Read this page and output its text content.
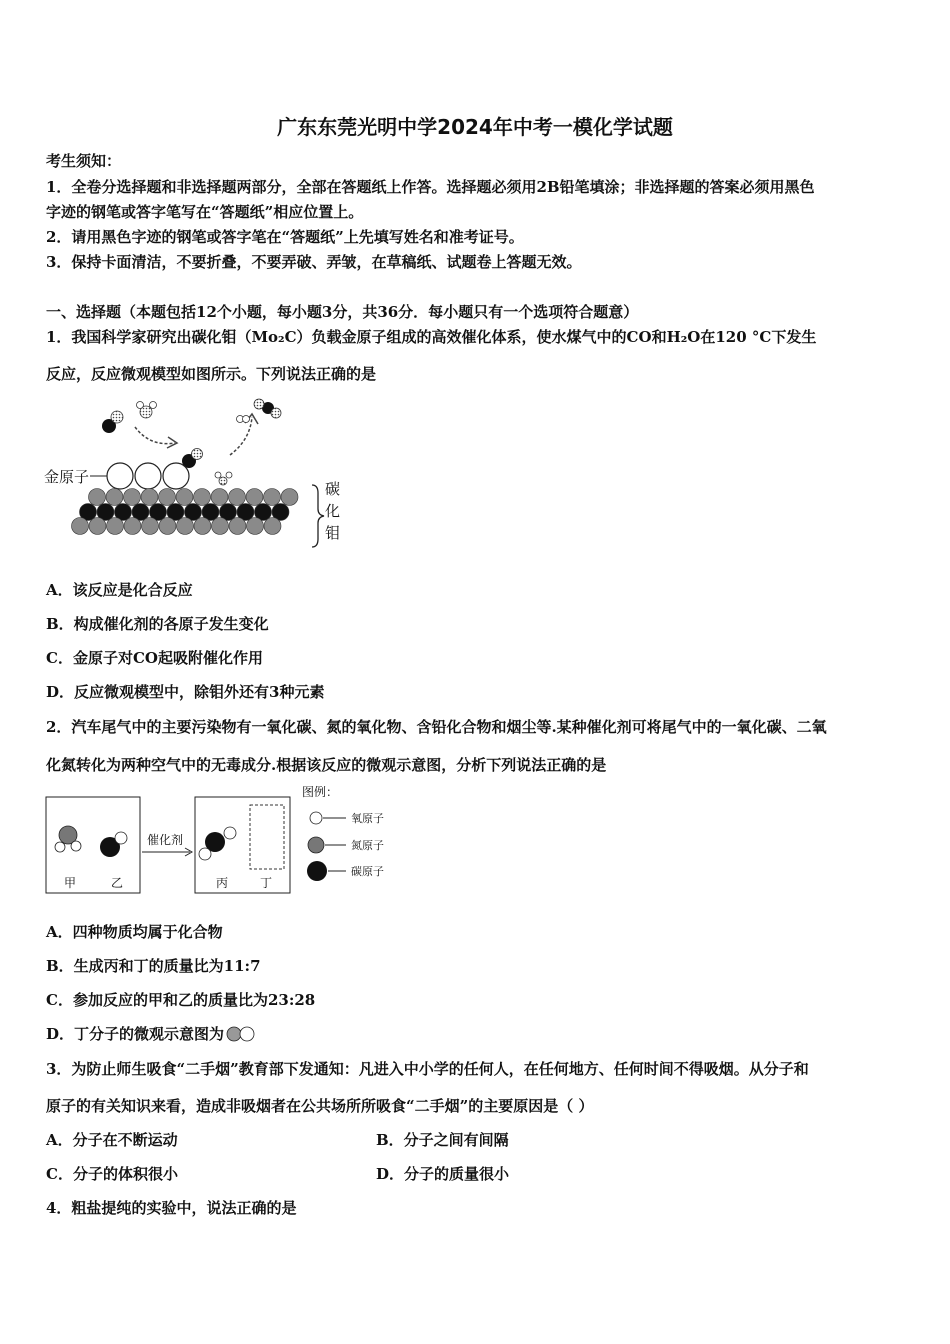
广东东莞光明中学2024年中考一模化学试题
考生须知：
1．全卷分选择题和非选择题两部分，全部在答题纸上作答。选择题必须用2B铅笔填涂；非选择题的答案必须用黑色
字迹的钢笔或答字笔写在“答题纸”相应位置上。
2．请用黑色字迹的钢笔或答字笔在“答题纸”上先填写姓名和准考证号。
3．保持卡面清洁，不要折叠，不要弄破、弄皱，在草稿纸、试题卷上答题无效。
一、选择题（本题包括12个小题，每小题3分，共36分．每小题只有一个选项符合题意）
1．我国科学家研究出碳化钼（Mo₂C）负载金原子组成的高效催化体系，使水煤气中的CO和H₂O在120 °C下发生
反应，反应微观模型如图所示。下列说法正确的是
金原子
碳
化
钼
A．该反应是化合反应
B．构成催化剂的各原子发生变化
C．金原子对CO起吸附催化作用
D．反应微观模型中，除钼外还有3种元素
2．汽车尾气中的主要污染物有一氧化碳、氮的氧化物、含铅化合物和烟尘等.某种催化剂可将尾气中的一氧化碳、二氧
化氮转化为两种空气中的无毒成分.根据该反应的微观示意图，分析下列说法正确的是
甲	乙
催化剂
丙	丁
图例：
氧原子
氮原子
碳原子
A．四种物质均属于化合物
B．生成丙和丁的质量比为11:7
C．参加反应的甲和乙的质量比为23:28
D．丁分子的微观示意图为
3．为防止师生吸食“二手烟”教育部下发通知：凡进入中小学的任何人，在任何地方、任何时间不得吸烟。从分子和
原子的有关知识来看，造成非吸烟者在公共场所所吸食“二手烟”的主要原因是（ ）
A．分子在不断运动	B．分子之间有间隔
C．分子的体积很小	D．分子的质量很小
4．粗盐提纯的实验中，说法正确的是
